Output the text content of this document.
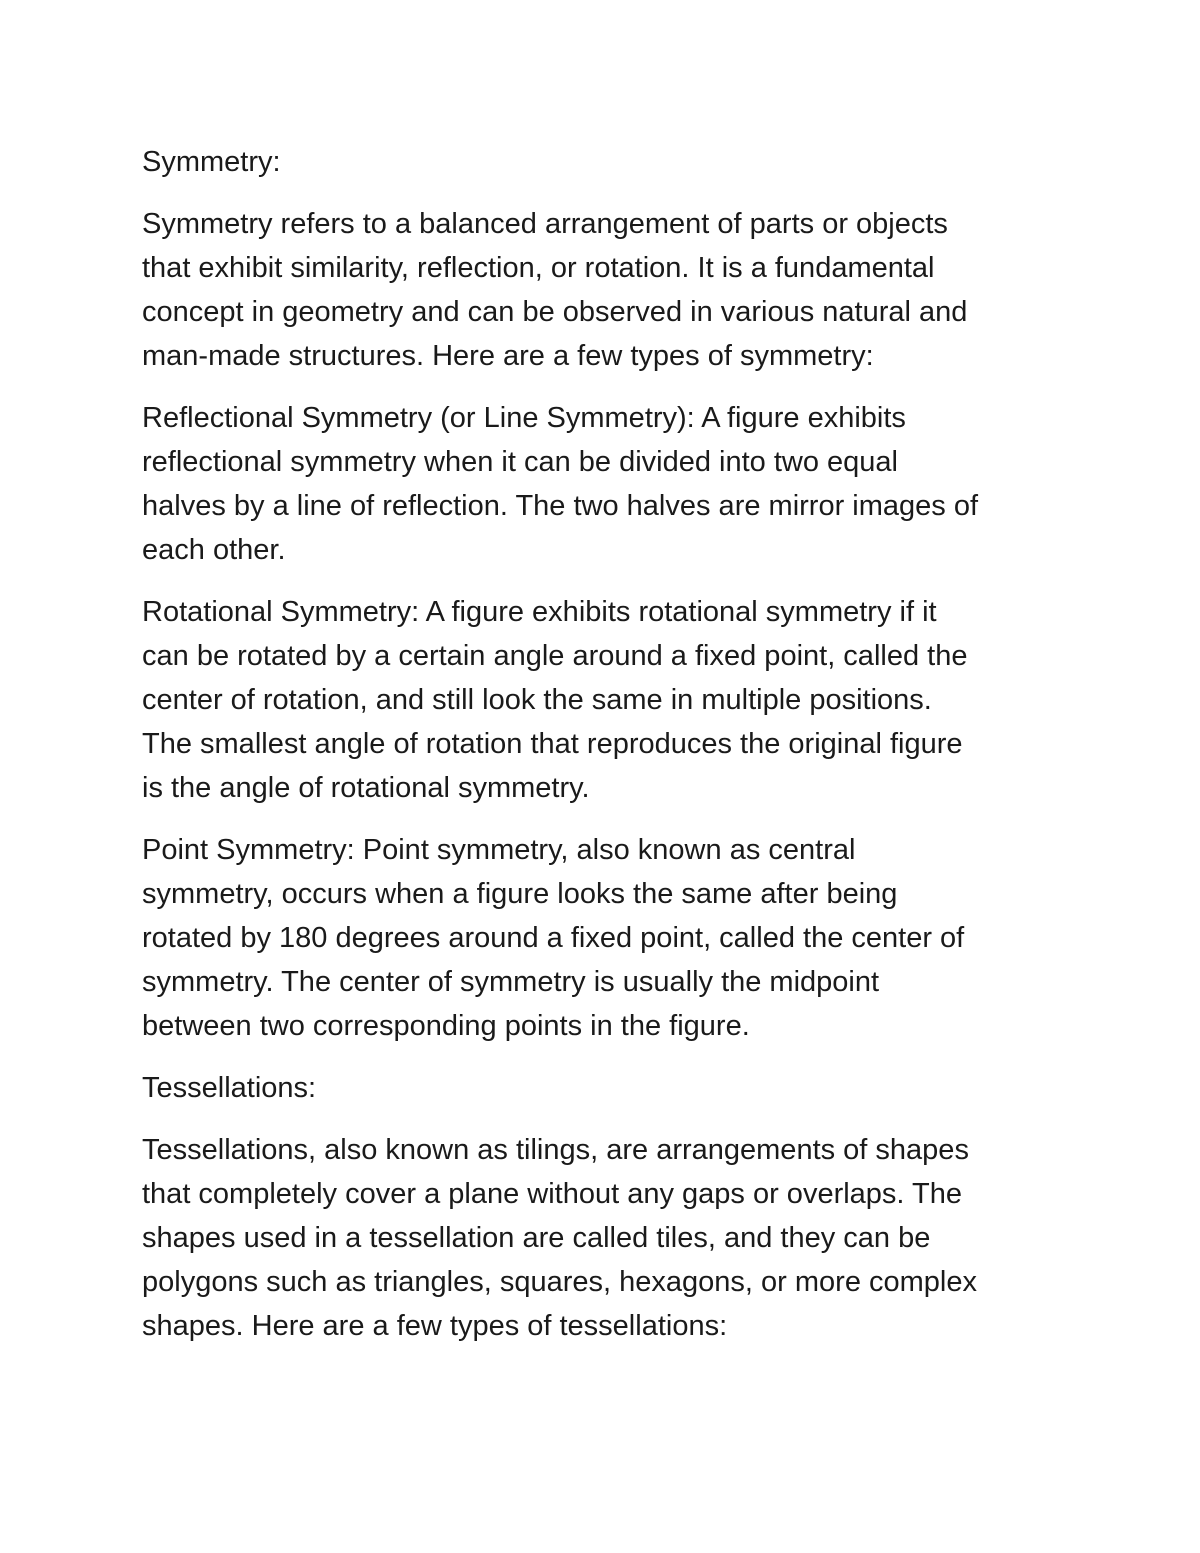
Symmetry:

Symmetry refers to a balanced arrangement of parts or objects
that exhibit similarity, reflection, or rotation. It is a fundamental
concept in geometry and can be observed in various natural and
man-made structures. Here are a few types of symmetry:

Reflectional Symmetry (or Line Symmetry): A figure exhibits
reflectional symmetry when it can be divided into two equal
halves by a line of reflection. The two halves are mirror images of
each other.

Rotational Symmetry: A figure exhibits rotational symmetry if it
can be rotated by a certain angle around a fixed point, called the
center of rotation, and still look the same in multiple positions.
The smallest angle of rotation that reproduces the original figure
is the angle of rotational symmetry.

Point Symmetry: Point symmetry, also known as central
symmetry, occurs when a figure looks the same after being
rotated by 180 degrees around a fixed point, called the center of
symmetry. The center of symmetry is usually the midpoint
between two corresponding points in the figure.

Tessellations:

Tessellations, also known as tilings, are arrangements of shapes
that completely cover a plane without any gaps or overlaps. The
shapes used in a tessellation are called tiles, and they can be
polygons such as triangles, squares, hexagons, or more complex
shapes. Here are a few types of tessellations:
